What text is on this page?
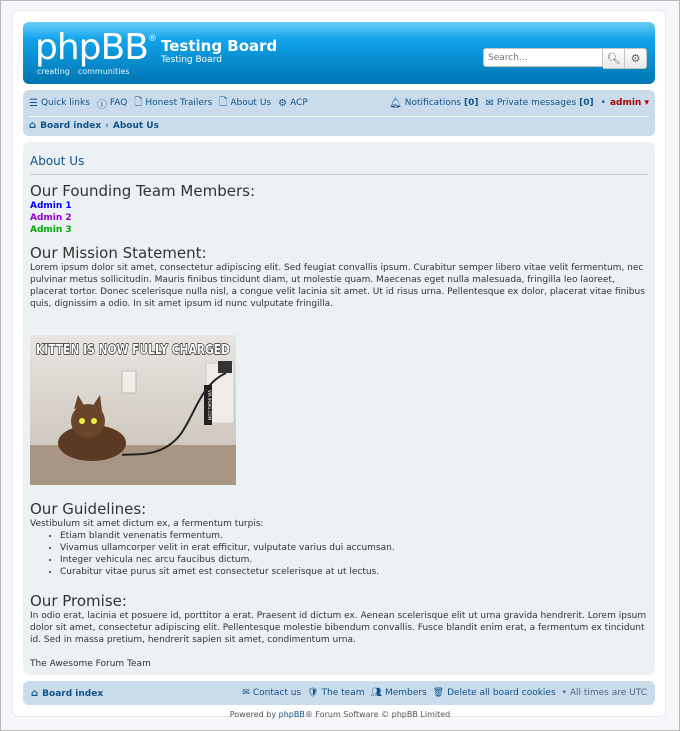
phpBB®
creating communities
Testing Board
Testing Board
Search…	🔍︎ ⚙
☰ Quick links ⓘ FAQ 🗋︎ Honest Trailers 🗋︎ About Us ⚙ ACP	🔔︎ Notifications
[0] ✉ Private messages
[0] • admin ▾
⌂ Board index ‹ About Us
About Us
Our Founding Team Members:
Admin 1
Admin 2
Admin 3
Our Mission Statement:
Lorem ipsum dolor sit amet, consectetur adipiscing elit. Sed feugiat convallis ipsum. Curabitur semper libero vitae velit fermentum, nec pulvinar metus sollicitudin. Mauris finibus tincidunt diam, ut molestie quam. Maecenas eget nulla malesuada, fringilla leo laoreet, placerat tortor. Donec scelerisque nulla nisl, a congue velit lacinia sit amet. Ut id risus urna. Pellentesque ex dolor, placerat vitae finibus quis, dignissim a odio. In sit amet ipsum id nunc vulputate fringilla.
VIA 9GAG.COM
KITTEN IS NOW FULLY CHARGED
Our Guidelines:
Vestibulum sit amet dictum ex, a fermentum turpis:
• Etiam blandit venenatis fermentum.
• Vivamus ullamcorper velit in erat efficitur, vulputate varius dui accumsan.
• Integer vehicula nec arcu faucibus dictum.
• Curabitur vitae purus sit amet est consectetur scelerisque at ut lectus.
Our Promise:
In odio erat, lacinia et posuere id, porttitor a erat. Praesent id dictum ex. Aenean scelerisque elit ut urna gravida hendrerit. Lorem ipsum dolor sit amet, consectetur adipiscing elit. Pellentesque molestie bibendum convallis. Fusce blandit enim erat, a fermentum ex tincidunt id. Sed in massa pretium, hendrerit sapien sit amet, condimentum urna.
The Awesome Forum Team
⌂ Board index	✉ Contact us 🛡︎ The team 👥︎ Members 🗑︎ Delete all board cookies • All times are UTC
Powered by phpBB® Forum Software © phpBB Limited
